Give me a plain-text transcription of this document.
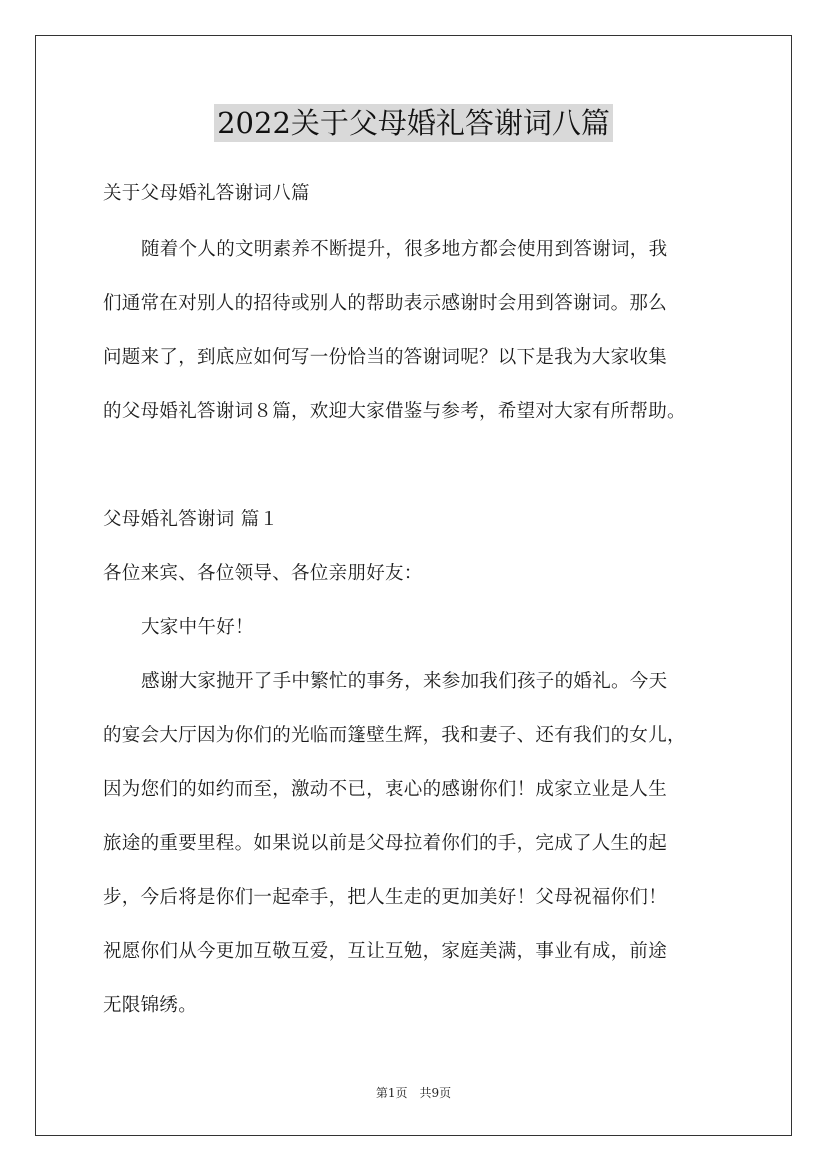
2022关于父母婚礼答谢词八篇
关于父母婚礼答谢词八篇
随着个人的文明素养不断提升，很多地方都会使用到答谢词，我
们通常在对别人的招待或别人的帮助表示感谢时会用到答谢词。那么
问题来了，到底应如何写一份恰当的答谢词呢？以下是我为大家收集
的父母婚礼答谢词８篇，欢迎大家借鉴与参考，希望对大家有所帮助。
父母婚礼答谢词 篇１
各位来宾、各位领导、各位亲朋好友：
大家中午好！
感谢大家抛开了手中繁忙的事务，来参加我们孩子的婚礼。今天
的宴会大厅因为你们的光临而篷壁生辉，我和妻子、还有我们的女儿，
因为您们的如约而至，激动不已，衷心的感谢你们！成家立业是人生
旅途的重要里程。如果说以前是父母拉着你们的手，完成了人生的起
步，今后将是你们一起牵手，把人生走的更加美好！父母祝福你们！
祝愿你们从今更加互敬互爱，互让互勉，家庭美满，事业有成，前途
无限锦绣。
第1页　共9页
